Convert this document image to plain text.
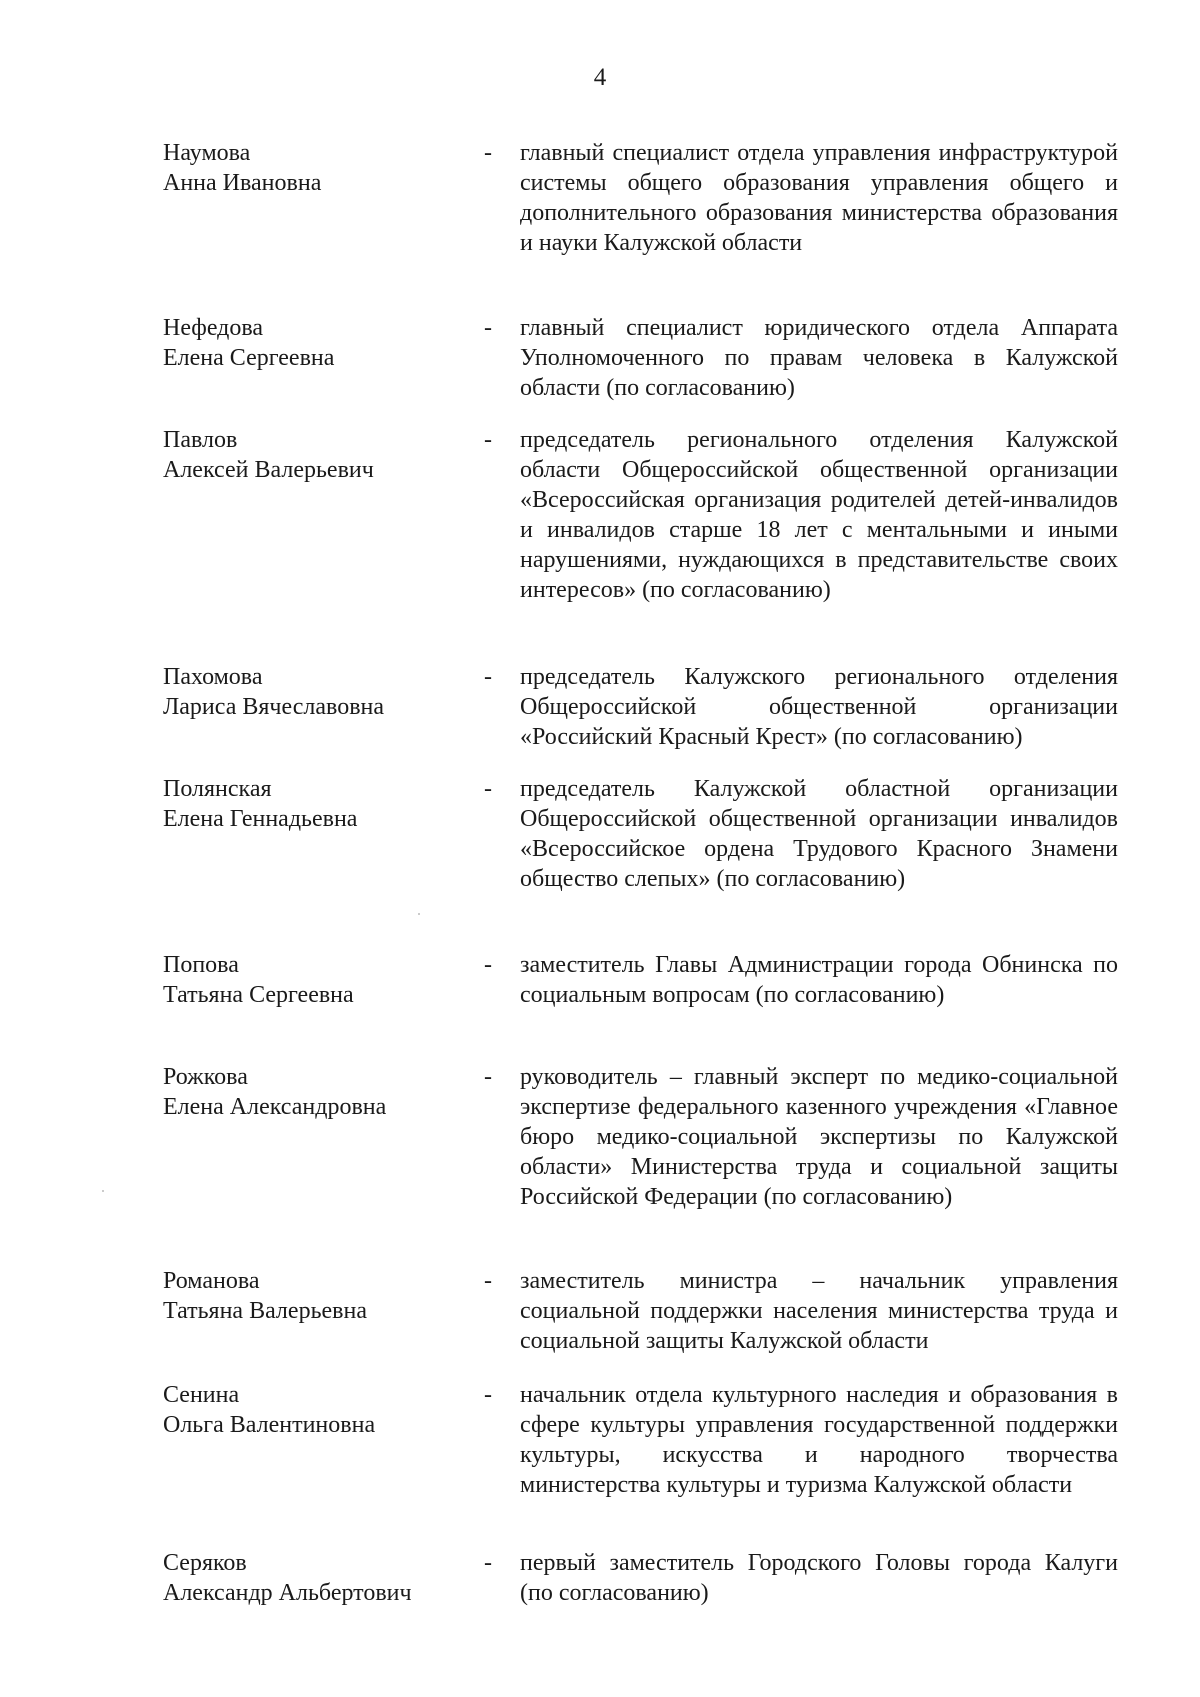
4
Наумова
Анна Ивановна
- главный специалист отдела управления инфраструктурой системы общего образования управления общего и дополнительного образования министерства образования и науки Калужской области
Нефедова
Елена Сергеевна
- главный специалист юридического отдела Аппарата Уполномоченного по правам человека в Калужской области (по согласованию)
Павлов
Алексей Валерьевич
- председатель регионального отделения Калужской области Общероссийской общественной организации «Всероссийская организация родителей детей-инвалидов и инвалидов старше 18 лет с ментальными и иными нарушениями, нуждающихся в представительстве своих интересов» (по согласованию)
Пахомова
Лариса Вячеславовна
- председатель Калужского регионального отделения Общероссийской общественной организации «Российский Красный Крест» (по согласованию)
Полянская
Елена Геннадьевна
- председатель Калужской областной организации Общероссийской общественной организации инвалидов «Всероссийское ордена Трудового Красного Знамени общество слепых» (по согласованию)
Попова
Татьяна Сергеевна
- заместитель Главы Администрации города Обнинска по социальным вопросам (по согласованию)
Рожкова
Елена Александровна
- руководитель – главный эксперт по медико-социальной экспертизе федерального казенного учреждения «Главное бюро медико-социальной экспертизы по Калужской области» Министерства труда и социальной защиты Российской Федерации (по согласованию)
Романова
Татьяна Валерьевна
- заместитель министра – начальник управления социальной поддержки населения министерства труда и социальной защиты Калужской области
Сенина
Ольга Валентиновна
- начальник отдела культурного наследия и образования в сфере культуры управления государственной поддержки культуры, искусства и народного творчества министерства культуры и туризма Калужской области
Серяков
Александр Альбертович
- первый заместитель Городского Головы города Калуги (по согласованию)
